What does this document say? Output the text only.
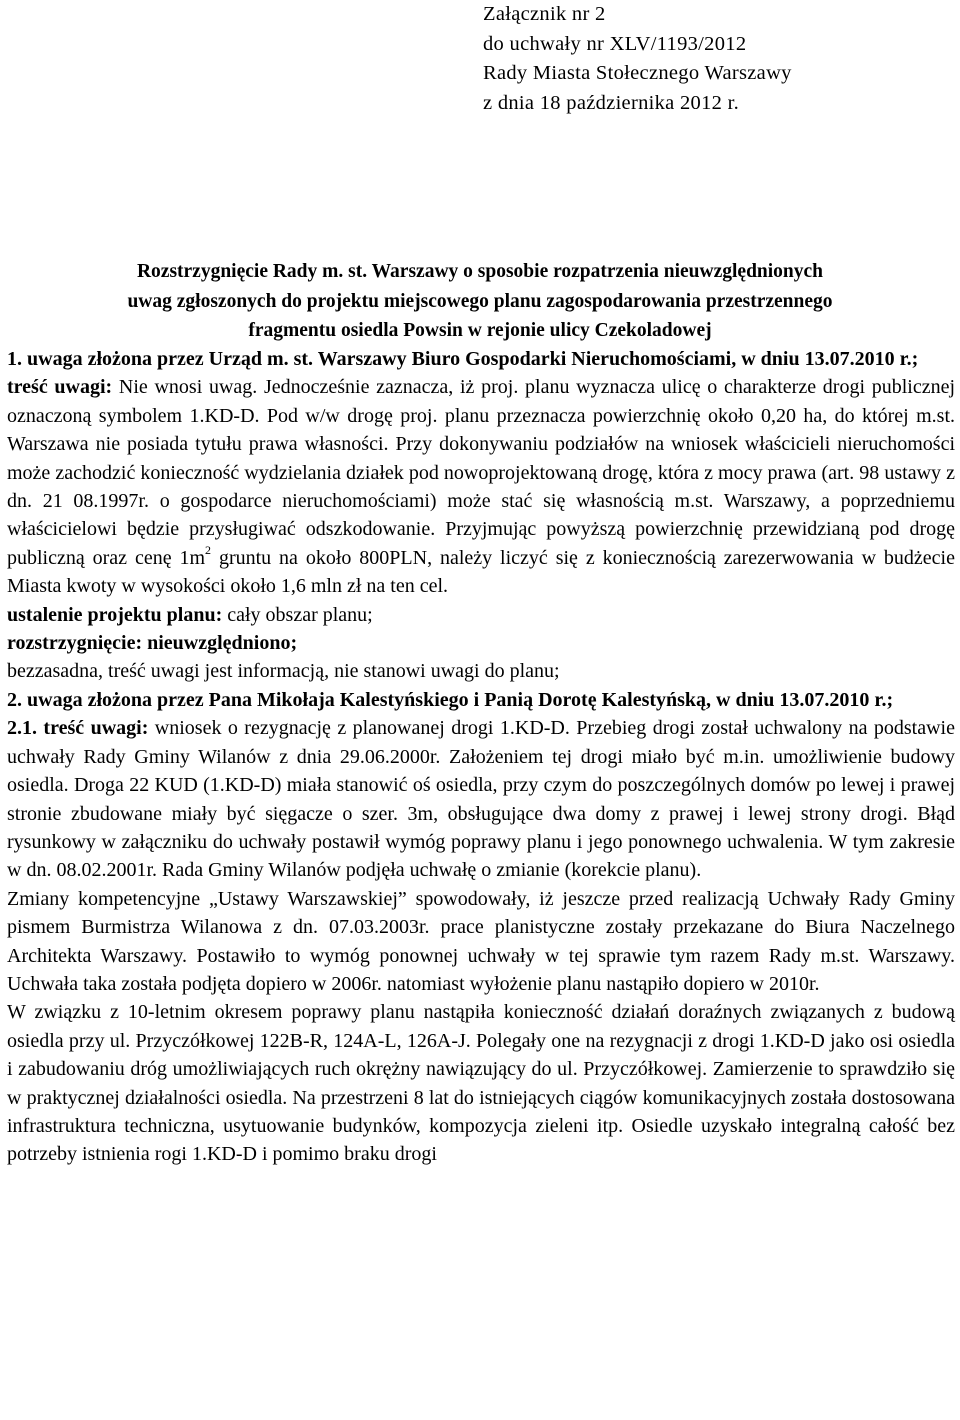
Załącznik nr 2
do uchwały nr XLV/1193/2012
Rady Miasta Stołecznego Warszawy
z dnia 18 października 2012 r.
Rozstrzygnięcie Rady m. st. Warszawy o sposobie rozpatrzenia nieuwzględnionych
uwag zgłoszonych do projektu miejscowego planu zagospodarowania przestrzennego
fragmentu osiedla Powsin w rejonie ulicy Czekoladowej

1. uwaga złożona przez Urząd m. st. Warszawy Biuro Gospodarki Nieruchomościami, w dniu 13.07.2010 r.;

treść uwagi: Nie wnosi uwag. Jednocześnie zaznacza, iż proj. planu wyznacza ulicę o charakterze drogi publicznej oznaczoną symbolem 1.KD-D. Pod w/w drogę proj. planu przeznacza powierzchnię około 0,20 ha, do której m.st. Warszawa nie posiada tytułu prawa własności. Przy dokonywaniu podziałów na wniosek właścicieli nieruchomości może zachodzić konieczność wydzielania działek pod nowoprojektowaną drogę, która z mocy prawa (art. 98 ustawy z dn. 21 08.1997r. o gospodarce nieruchomościami) może stać się własnością m.st. Warszawy, a poprzedniemu właścicielowi będzie przysługiwać odszkodowanie. Przyjmując powyższą powierzchnię przewidzianą pod drogę publiczną oraz cenę $1m^2$ gruntu na około 800PLN, należy liczyć się z koniecznością zarezerwowania w budżecie Miasta kwoty w wysokości około 1,6 mln zł na ten cel.

ustalenie projektu planu: cały obszar planu;

rozstrzygnięcie: nieuwzględniono;

bezzasadna, treść uwagi jest informacją, nie stanowi uwagi do planu;

2. uwaga złożona przez Pana Mikołaja Kalestyńskiego i Panią Dorotę Kalestyńską, w dniu 13.07.2010 r.;

2.1. treść uwagi: wniosek o rezygnację z planowanej drogi 1.KD-D. Przebieg drogi został uchwalony na podstawie uchwały Rady Gminy Wilanów z dnia 29.06.2000r. Założeniem tej drogi miało być m.in. umożliwienie budowy osiedla. Droga 22 KUD (1.KD-D) miała stanowić oś osiedla, przy czym do poszczególnych domów po lewej i prawej stronie zbudowane miały być sięgacze o szer. 3m, obsługujące dwa domy z prawej i lewej strony drogi. Błąd rysunkowy w załączniku do uchwały postawił wymóg poprawy planu i jego ponownego uchwalenia. W tym zakresie w dn. 08.02.2001r. Rada Gminy Wilanów podjęła uchwałę o zmianie (korekcie planu).

Zmiany kompetencyjne „Ustawy Warszawskiej” spowodowały, iż jeszcze przed realizacją Uchwały Rady Gminy pismem Burmistrza Wilanowa z dn. 07.03.2003r. prace planistyczne zostały przekazane do Biura Naczelnego Architekta Warszawy. Postawiło to wymóg ponownej uchwały w tej sprawie tym razem Rady m.st. Warszawy. Uchwała taka została podjęta dopiero w 2006r. natomiast wyłożenie planu nastąpiło dopiero w 2010r.

W związku z 10-letnim okresem poprawy planu nastąpiła konieczność działań doraźnych związanych z budową osiedla przy ul. Przyczółkowej 122B-R, 124A-L, 126A-J. Polegały one na rezygnacji z drogi 1.KD-D jako osi osiedla i zabudowaniu dróg umożliwiających ruch okrężny nawiązujący do ul. Przyczółkowej. Zamierzenie to sprawdziło się w praktycznej działalności osiedla. Na przestrzeni 8 lat do istniejących ciągów komunikacyjnych została dostosowana infrastruktura techniczna, usytuowanie budynków, kompozycja zieleni itp. Osiedle uzyskało integralną całość bez potrzeby istnienia rogi 1.KD-D i pomimo braku drogi
